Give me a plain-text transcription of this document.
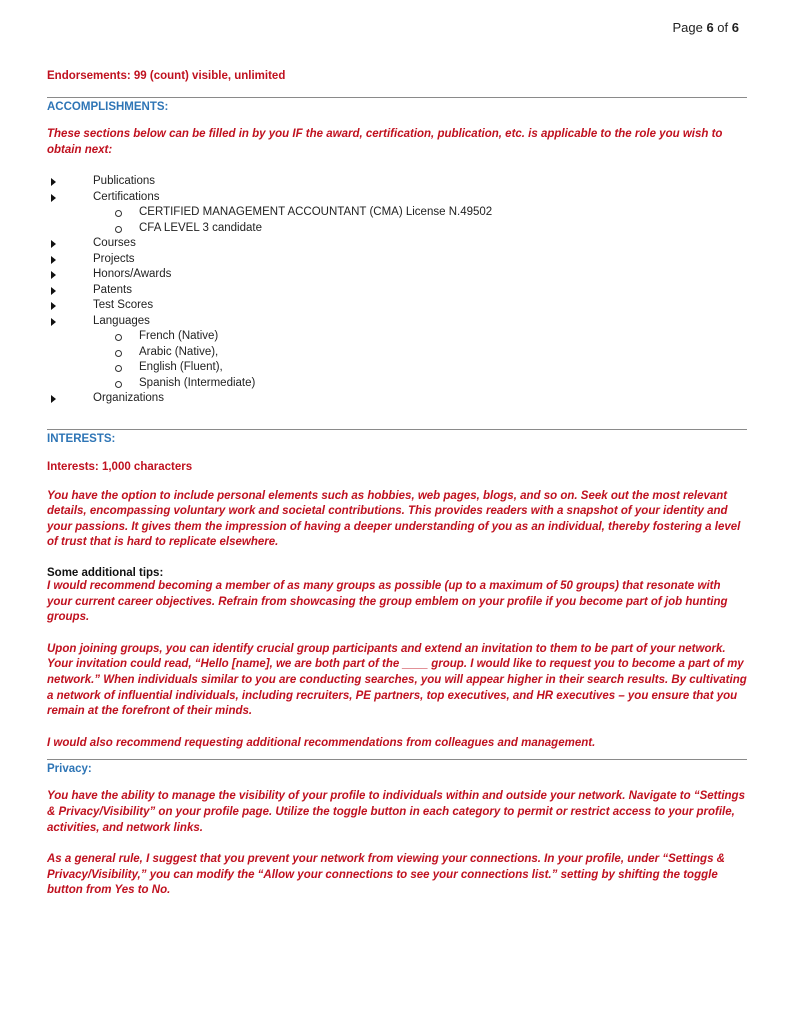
Page 6 of 6

Endorsements: 99 (count) visible, unlimited

ACCOMPLISHMENTS:

These sections below can be filled in by you IF the award, certification, publication, etc. is applicable to the role you wish to obtain next:

Publications
Certifications
CERTIFIED MANAGEMENT ACCOUNTANT (CMA) License N.49502
CFA LEVEL 3 candidate
Courses
Projects
Honors/Awards
Patents
Test Scores
Languages
French (Native)
Arabic (Native),
English (Fluent),
Spanish (Intermediate)
Organizations

INTERESTS:

Interests: 1,000 characters

You have the option to include personal elements such as hobbies, web pages, blogs, and so on. Seek out the most relevant details, encompassing voluntary work and societal contributions. This provides readers with a snapshot of your identity and your passions. It gives them the impression of having a deeper understanding of you as an individual, thereby fostering a level of trust that is hard to replicate elsewhere.

Some additional tips:

I would recommend becoming a member of as many groups as possible (up to a maximum of 50 groups) that resonate with your current career objectives. Refrain from showcasing the group emblem on your profile if you become part of job hunting groups.

Upon joining groups, you can identify crucial group participants and extend an invitation to them to be part of your network. Your invitation could read, “Hello [name], we are both part of the ____ group. I would like to request you to become a part of my network.” When individuals similar to you are conducting searches, you will appear higher in their search results. By cultivating a network of influential individuals, including recruiters, PE partners, top executives, and HR executives – you ensure that you remain at the forefront of their minds.

I would also recommend requesting additional recommendations from colleagues and management.

Privacy:

You have the ability to manage the visibility of your profile to individuals within and outside your network. Navigate to “Settings & Privacy/Visibility” on your profile page. Utilize the toggle button in each category to permit or restrict access to your profile, activities, and network links.

As a general rule, I suggest that you prevent your network from viewing your connections. In your profile, under “Settings & Privacy/Visibility,” you can modify the “Allow your connections to see your connections list.” setting by shifting the toggle button from Yes to No.
